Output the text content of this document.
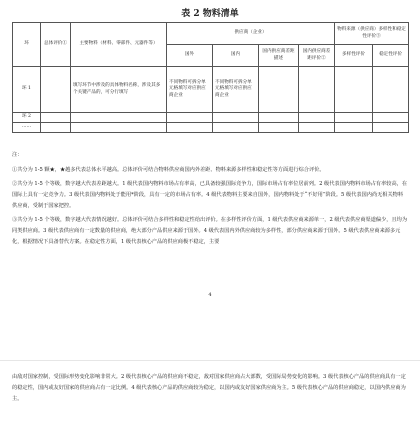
表 2 物料清单
环	总体评价①	主要物料（材料、零部件、元器件等）	供应商（企业）				物料来源（供应商）多样性和稳定性评价③	
			国外	国内	国内供应商差距描述	国内供应商差距评价②	多样性评价	稳定性评价
环 1		填写环节中涉及的具体物料名称，涉及其多个关键产品的，可分行填写	不同物料可拆分单元格填写对应供应商企业	不同物料可拆分单元格填写对应供应商企业				
环 2								
……								

注：

①共分为 1-5 颗★，★越多代表总体水平越高。总体评价可结合物料供应商国内外差距、物料来源多样性和稳定性等方面进行综合评价。

②共分为 1-5 个等级，数字越大代表差距越大。1 级代表国内物料市场占有率高，已具备较强国际竞争力，国际市场占有率位居前列。2 级代表国内物料市场占有率较高，在国际上具有一定竞争力。3 级代表国内物料处于能用*阶段，具有一定的市场占有率。4 级代表物料主要来自国外，国内物料处于“不好用”阶段。5 级代表国内尚无相关物料供应商，受制于国家把控。

③共分为 1-5 个等级，数字越大代表情况越好。总体评价可结合多样性和稳定性给出评价。在多样性评价方面，1 级代表供应商来源单一，2 级代表供应商渠道偏少，且均为同类供应商。3 级代表供应商有一定数量的供应商，绝大部分产品供应来源于国外。4 级代表国内外供应商较为多样性，部分供应商来源于国外。5 级代表供应商来源多元化，根据情况下具备替代方案。在稳定性方面，1 级代表核心产品的供应商极不稳定，主要

4

由敌对国家控制，受国际形势变化影响非常大。2 级代表核心产品的供应商不稳定，敌对国家供应商占大部数，受国际局势变化的影响。3 级代表核心产品的供应商具有一定的稳定性，国内或友好国家的供应商占有一定比例。4 级代表核心产品的供应商较为稳定，以国内或友好国家供应商为主。5 级代表核心产品的供应商稳定，以国内供应商为主。
